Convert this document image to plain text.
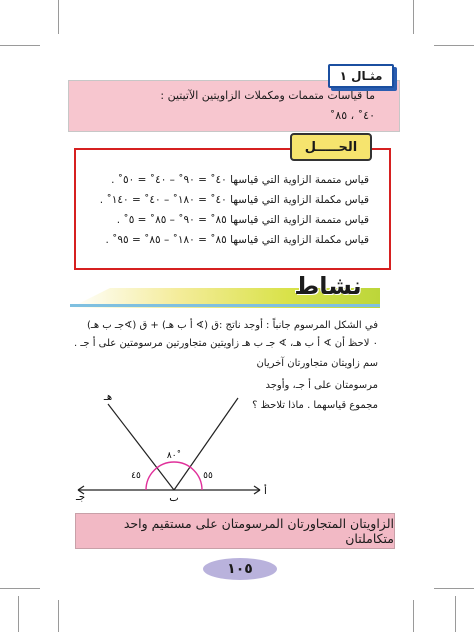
ما قياسات متممات ومكملات الزاويتين الآتيتين :
٤٠˚ ، ٨٥˚
مثـال ١
قياس متممة الزاوية التي قياسها ٤٠˚ = ٩٠˚ – ٤٠˚ = ٥٠˚ .
قياس مكملة الزاوية التي قياسها ٤٠˚ = ١٨٠˚ – ٤٠˚ = ١٤٠˚ .
قياس متممة الزاوية التي قياسها ٨٥˚ = ٩٠˚ – ٨٥˚ = ٥˚ .
قياس مكملة الزاوية التي قياسها ٨٥˚ = ١٨٠˚ – ٨٥˚ = ٩٥˚ .
الحـــــل
نشاط
في الشكل المرسوم جانباً : أوجد ناتج :ق (∢ أ ب هـ) + ق (∢جـ ب هـ)
٠ لاحظ أن ∢ أ ب هـ، ∢ جـ ب هـ زاويتين متجاورتين مرسومتين على أ جـ .
سم زاويتان متجاورتان آخريان
مرسومتان على أ جـ، وأوجد
مجموع قياسهما . ماذا تلاحظ ؟
هـ
أ
جـ	ب
٨٠˚
٤٥	٥٥
الزاويتان المتجاورتان المرسومتان على مستقيم واحد متكاملتان
١٠٥
